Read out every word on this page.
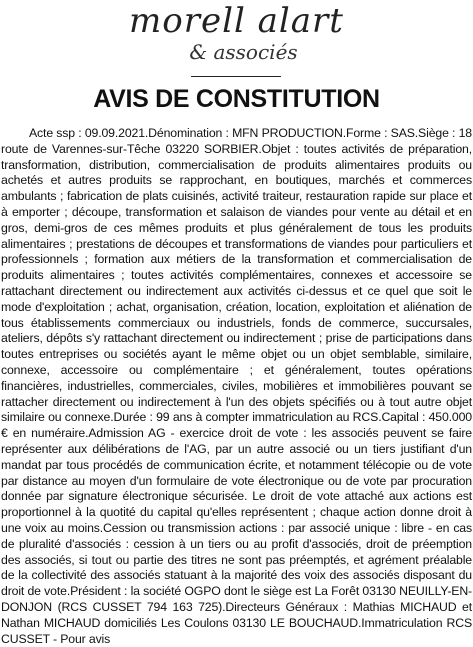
morell alart
& associés
AVIS DE CONSTITUTION

Acte ssp : 09.09.2021.Dénomination : MFN PRODUCTION.Forme : SAS.Siège : 18 route de Varennes-sur-Têche 03220 SORBIER.Objet : toutes activités de préparation, transformation, distribution, commercialisation de produits alimentaires produits ou achetés et autres produits se rapprochant, en boutiques, marchés et commerces ambulants ; fabrication de plats cuisinés, activité traiteur, restauration rapide sur place et à emporter ; découpe, transformation et salaison de viandes pour vente au détail et en gros, demi-gros de ces mêmes produits et plus généralement de tous les produits alimentaires ; prestations de découpes et transformations de viandes pour particuliers et professionnels ; formation aux métiers de la transformation et commercialisation de produits alimentaires ; toutes activités complémentaires, connexes et accessoire se rattachant directement ou indirectement aux activités ci-dessus et ce quel que soit le mode d'exploitation ; achat, organisation, création, location, exploitation et aliénation de tous établissements commerciaux ou industriels, fonds de commerce, succursales, ateliers, dépôts s'y rattachant directement ou indirectement ; prise de participations dans toutes entreprises ou sociétés ayant le même objet ou un objet semblable, similaire, connexe, accessoire ou complémentaire ; et généralement, toutes opérations financières, industrielles, commerciales, civiles, mobilières et immobilières pouvant se rattacher directement ou indirectement à l'un des objets spécifiés ou à tout autre objet similaire ou connexe.Durée : 99 ans à compter immatriculation au RCS.Capital : 450.000 € en numéraire.Admission AG - exercice droit de vote : les associés peuvent se faire représenter aux délibérations de l'AG, par un autre associé ou un tiers justifiant d'un mandat par tous procédés de communication écrite, et notamment télécopie ou de vote par distance au moyen d'un formulaire de vote électronique ou de vote par procuration donnée par signature électronique sécurisée. Le droit de vote attaché aux actions est proportionnel à la quotité du capital qu'elles représentent ; chaque action donne droit à une voix au moins.Cession ou transmission actions : par associé unique : libre - en cas de pluralité d'associés : cession à un tiers ou au profit d'associés, droit de préemption des associés, si tout ou partie des titres ne sont pas préemptés, et agrément préalable de la collectivité des associés statuant à la majorité des voix des associés disposant du droit de vote.Président : la société OGPO dont le siège est La Forêt 03130 NEUILLY-EN-DONJON (RCS CUSSET 794 163 725).Directeurs Généraux : Mathias MICHAUD et Nathan MICHAUD domiciliés Les Coulons 03130 LE BOUCHAUD.Immatriculation RCS CUSSET - Pour avis
